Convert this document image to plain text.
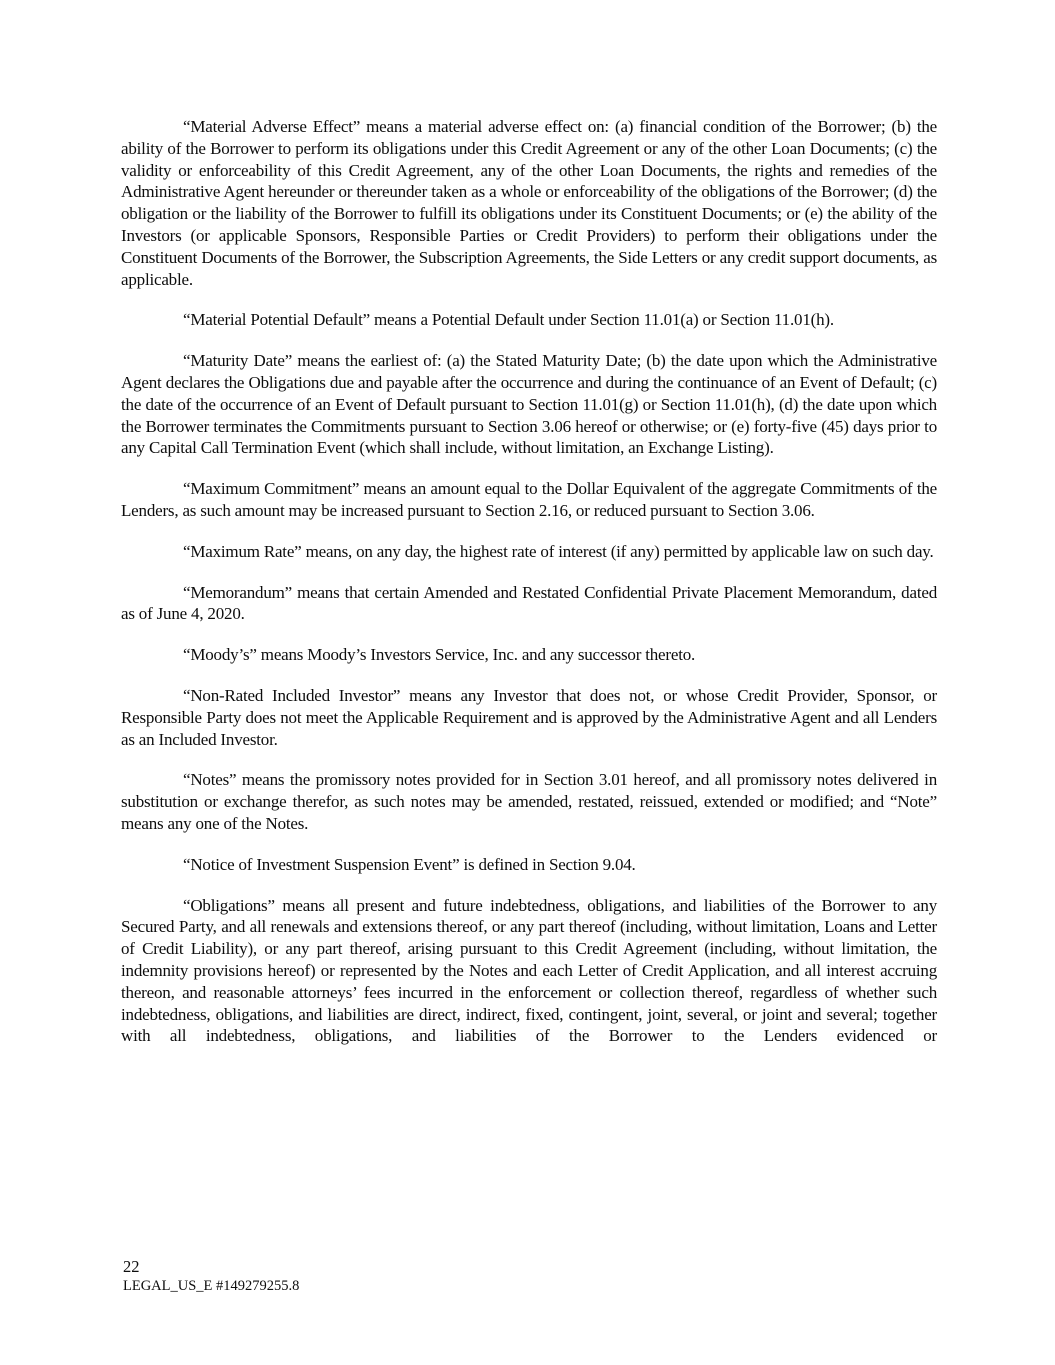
“Material Adverse Effect” means a material adverse effect on: (a) financial condition of the Borrower; (b) the ability of the Borrower to perform its obligations under this Credit Agreement or any of the other Loan Documents; (c) the validity or enforceability of this Credit Agreement, any of the other Loan Documents, the rights and remedies of the Administrative Agent hereunder or thereunder taken as a whole or enforceability of the obligations of the Borrower; (d) the obligation or the liability of the Borrower to fulfill its obligations under its Constituent Documents; or (e) the ability of the Investors (or applicable Sponsors, Responsible Parties or Credit Providers) to perform their obligations under the Constituent Documents of the Borrower, the Subscription Agreements, the Side Letters or any credit support documents, as applicable.

“Material Potential Default” means a Potential Default under Section 11.01(a) or Section 11.01(h).

“Maturity Date” means the earliest of: (a) the Stated Maturity Date; (b) the date upon which the Administrative Agent declares the Obligations due and payable after the occurrence and during the continuance of an Event of Default; (c) the date of the occurrence of an Event of Default pursuant to Section 11.01(g) or Section 11.01(h), (d) the date upon which the Borrower terminates the Commitments pursuant to Section 3.06 hereof or otherwise; or (e) forty-five (45) days prior to any Capital Call Termination Event (which shall include, without limitation, an Exchange Listing).

“Maximum Commitment” means an amount equal to the Dollar Equivalent of the aggregate Commitments of the Lenders, as such amount may be increased pursuant to Section 2.16, or reduced pursuant to Section 3.06.

“Maximum Rate” means, on any day, the highest rate of interest (if any) permitted by applicable law on such day.

“Memorandum” means that certain Amended and Restated Confidential Private Placement Memorandum, dated as of June 4, 2020.

“Moody’s” means Moody’s Investors Service, Inc. and any successor thereto.

“Non-Rated Included Investor” means any Investor that does not, or whose Credit Provider, Sponsor, or Responsible Party does not meet the Applicable Requirement and is approved by the Administrative Agent and all Lenders as an Included Investor.

“Notes” means the promissory notes provided for in Section 3.01 hereof, and all promissory notes delivered in substitution or exchange therefor, as such notes may be amended, restated, reissued, extended or modified; and “Note” means any one of the Notes.

“Notice of Investment Suspension Event” is defined in Section 9.04.

“Obligations” means all present and future indebtedness, obligations, and liabilities of the Borrower to any Secured Party, and all renewals and extensions thereof, or any part thereof (including, without limitation, Loans and Letter of Credit Liability), or any part thereof, arising pursuant to this Credit Agreement (including, without limitation, the indemnity provisions hereof) or represented by the Notes and each Letter of Credit Application, and all interest accruing thereon, and reasonable attorneys’ fees incurred in the enforcement or collection thereof, regardless of whether such indebtedness, obligations, and liabilities are direct, indirect, fixed, contingent, joint, several, or joint and several; together with all indebtedness, obligations, and liabilities of the Borrower to the Lenders evidenced or

22
LEGAL_US_E #149279255.8
